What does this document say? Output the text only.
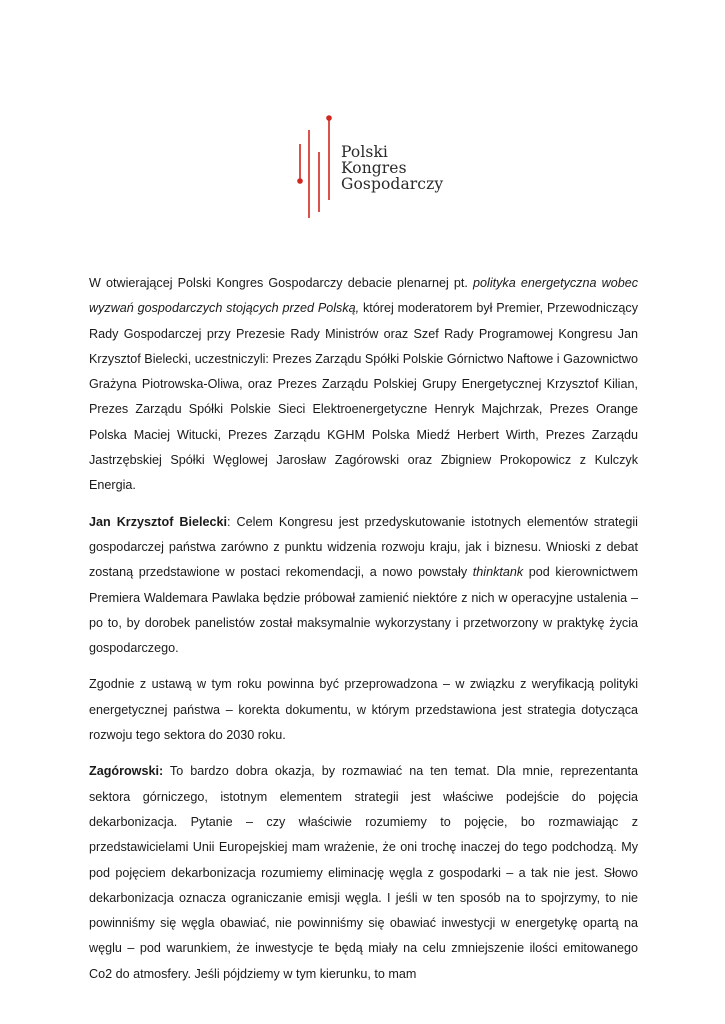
Polski
Kongres
Gospodarczy

W otwierającej Polski Kongres Gospodarczy debacie plenarnej pt. polityka energetyczna wobec wyzwań gospodarczych stojących przed Polską, której moderatorem był Premier, Przewodniczący Rady Gospodarczej przy Prezesie Rady Ministrów oraz Szef Rady Programowej Kongresu Jan Krzysztof Bielecki, uczestniczyli: Prezes Zarządu Spółki Polskie Górnictwo Naftowe i Gazownictwo Grażyna Piotrowska-Oliwa, oraz Prezes Zarządu Polskiej Grupy Energetycznej Krzysztof Kilian, Prezes Zarządu Spółki Polskie Sieci Elektroenergetyczne Henryk Majchrzak, Prezes Orange Polska Maciej Witucki, Prezes Zarządu KGHM Polska Miedź Herbert Wirth, Prezes Zarządu Jastrzębskiej Spółki Węglowej Jarosław Zagórowski oraz Zbigniew Prokopowicz z Kulczyk Energia.

Jan Krzysztof Bielecki: Celem Kongresu jest przedyskutowanie istotnych elementów strategii gospodarczej państwa zarówno z punktu widzenia rozwoju kraju, jak i biznesu. Wnioski z debat zostaną przedstawione w postaci rekomendacji, a nowo powstały thinktank pod kierownictwem Premiera Waldemara Pawlaka będzie próbował zamienić niektóre z nich w operacyjne ustalenia – po to, by dorobek panelistów został maksymalnie wykorzystany i przetworzony w praktykę życia gospodarczego.

Zgodnie z ustawą w tym roku powinna być przeprowadzona – w związku z weryfikacją polityki energetycznej państwa – korekta dokumentu, w którym przedstawiona jest strategia dotycząca rozwoju tego sektora do 2030 roku.

Zagórowski: To bardzo dobra okazja, by rozmawiać na ten temat. Dla mnie, reprezentanta sektora górniczego, istotnym elementem strategii jest właściwe podejście do pojęcia dekarbonizacja. Pytanie – czy właściwie rozumiemy to pojęcie, bo rozmawiając z przedstawicielami Unii Europejskiej mam wrażenie, że oni trochę inaczej do tego podchodzą. My pod pojęciem dekarbonizacja rozumiemy eliminację węgla z gospodarki – a tak nie jest. Słowo dekarbonizacja oznacza ograniczanie emisji węgla. I jeśli w ten sposób na to spojrzymy, to nie powinniśmy się węgla obawiać, nie powinniśmy się obawiać inwestycji w energetykę opartą na węglu – pod warunkiem, że inwestycje te będą miały na celu zmniejszenie ilości emitowanego Co2 do atmosfery. Jeśli pójdziemy w tym kierunku, to mam
